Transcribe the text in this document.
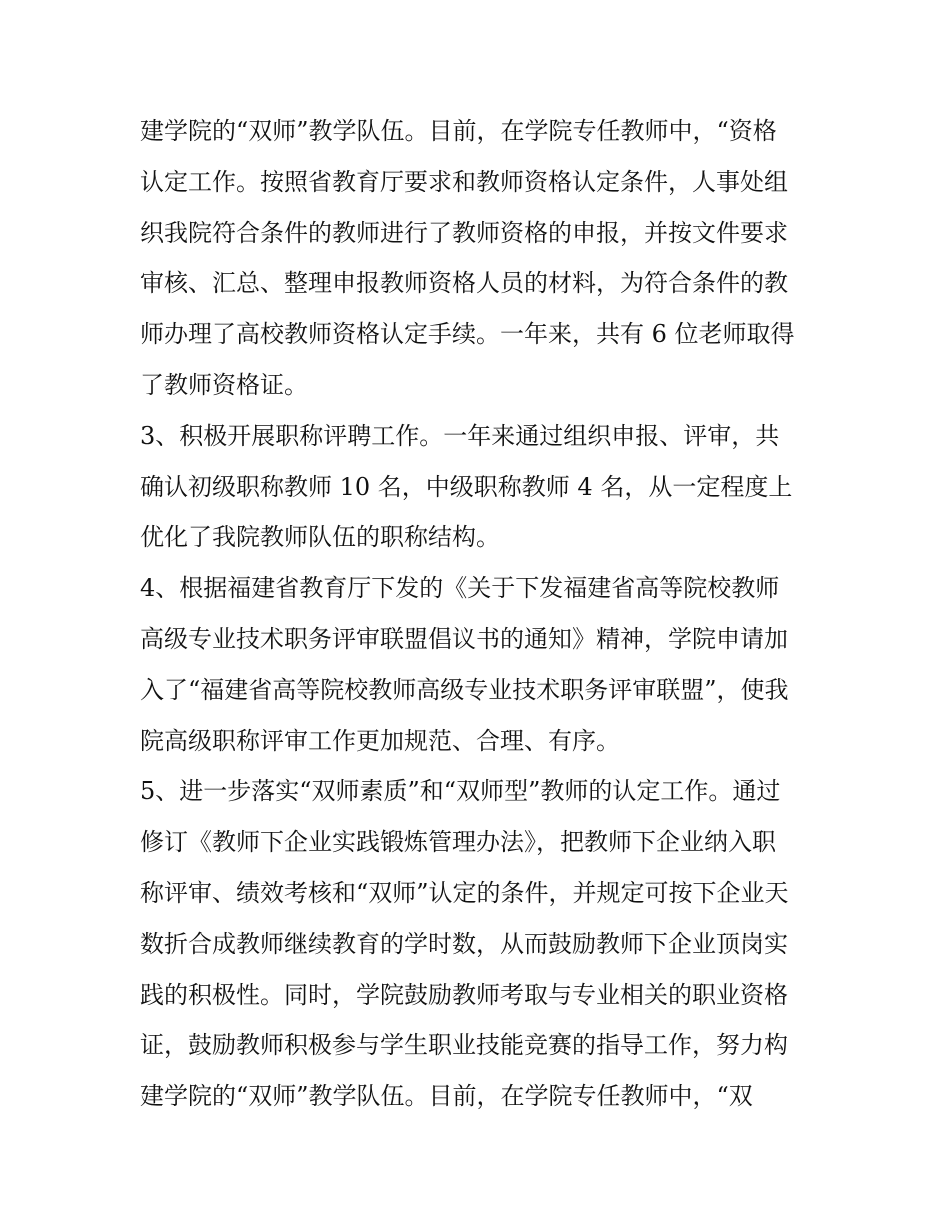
建学院的“双师”教学队伍。目前，在学院专任教师中，“资格
认定工作。按照省教育厅要求和教师资格认定条件，人事处组
织我院符合条件的教师进行了教师资格的申报，并按文件要求
审核、汇总、整理申报教师资格人员的材料，为符合条件的教
师办理了高校教师资格认定手续。一年来，共有 6 位老师取得
了教师资格证。
3、积极开展职称评聘工作。一年来通过组织申报、评审，共
确认初级职称教师 10 名，中级职称教师 4 名，从一定程度上
优化了我院教师队伍的职称结构。
4、根据福建省教育厅下发的《关于下发福建省高等院校教师
高级专业技术职务评审联盟倡议书的通知》精神，学院申请加
入了“福建省高等院校教师高级专业技术职务评审联盟”，使我
院高级职称评审工作更加规范、合理、有序。
5、进一步落实“双师素质”和“双师型”教师的认定工作。通过
修订《教师下企业实践锻炼管理办法》，把教师下企业纳入职
称评审、绩效考核和“双师”认定的条件，并规定可按下企业天
数折合成教师继续教育的学时数，从而鼓励教师下企业顶岗实
践的积极性。同时，学院鼓励教师考取与专业相关的职业资格
证，鼓励教师积极参与学生职业技能竞赛的指导工作，努力构
建学院的“双师”教学队伍。目前，在学院专任教师中，“双
